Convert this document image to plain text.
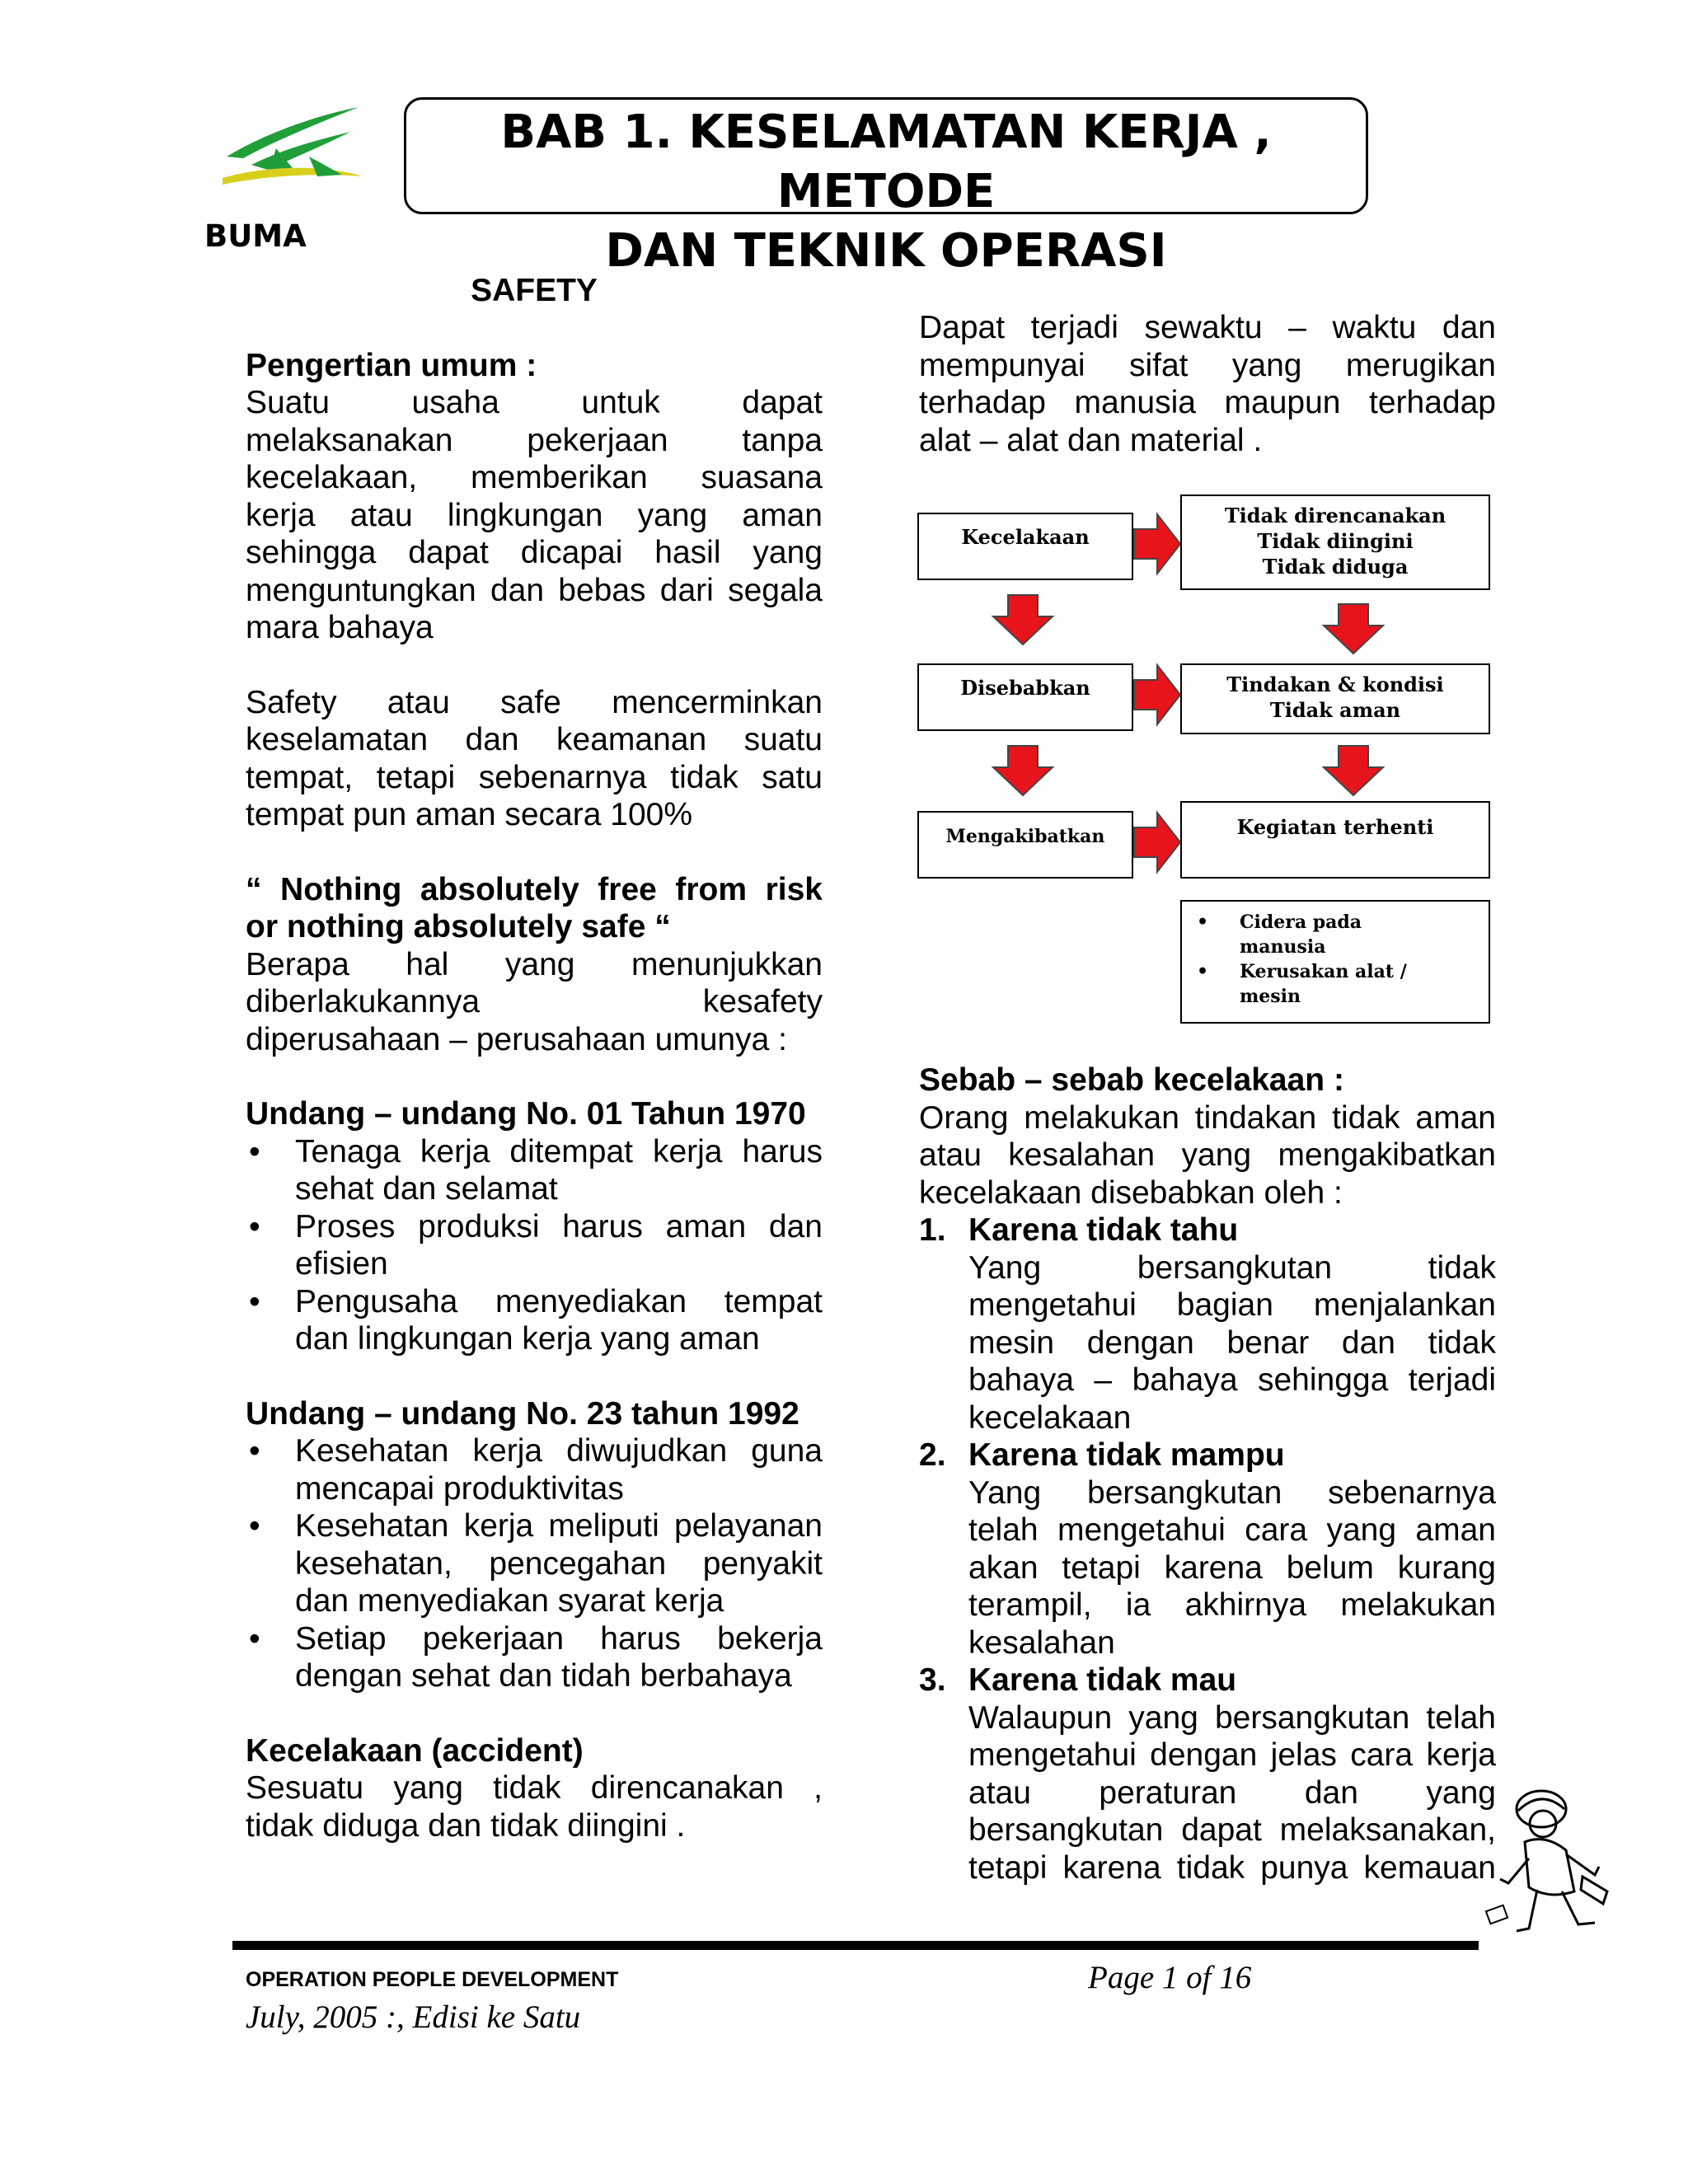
BUMA
BAB 1. KESELAMATAN KERJA , METODE
DAN TEKNIK OPERASI

SAFETY

Pengertian umum :

Suatu usaha untuk dapat

melaksanakan pekerjaan tanpa

kecelakaan, memberikan suasana

kerja atau lingkungan yang aman

sehingga dapat dicapai hasil yang

menguntungkan dan bebas dari segala

mara bahaya

Safety atau safe mencerminkan

keselamatan dan keamanan suatu

tempat, tetapi sebenarnya tidak satu

tempat pun aman secara 100%

“ Nothing absolutely free from risk

or nothing absolutely safe “

Berapa hal yang menunjukkan

diberlakukannya kesafety

diperusahaan – perusahaan umunya :

Undang – undang No. 01 Tahun 1970

• Tenaga kerja ditempat kerja harus

sehat dan selamat

• Proses produksi harus aman dan

efisien

• Pengusaha menyediakan tempat

dan lingkungan kerja yang aman

Undang – undang No. 23 tahun 1992

• Kesehatan kerja diwujudkan guna

mencapai produktivitas

• Kesehatan kerja meliputi pelayanan

kesehatan, pencegahan penyakit

dan menyediakan syarat kerja

• Setiap pekerjaan harus bekerja

dengan sehat dan tidah berbahaya

Kecelakaan (accident)

Sesuatu yang tidak direncanakan ,

tidak diduga dan tidak diingini .

Dapat terjadi sewaktu – waktu dan

mempunyai sifat yang merugikan

terhadap manusia maupun terhadap

alat – alat dan material .

Kecelakaan
Disebabkan
Mengakibatkan
Tidak direncanakan
Tidak diingini
Tidak diduga
Tindakan & kondisi
Tidak aman
Kegiatan terhenti
• Cidera pada
manusia
• Kerusakan alat /
mesin

Sebab – sebab kecelakaan :

Orang melakukan tindakan tidak aman

atau kesalahan yang mengakibatkan

kecelakaan disebabkan oleh :

1. Karena tidak tahu

Yang bersangkutan tidak

mengetahui bagian menjalankan

mesin dengan benar dan tidak

bahaya – bahaya sehingga terjadi

kecelakaan

2. Karena tidak mampu

Yang bersangkutan sebenarnya

telah mengetahui cara yang aman

akan tetapi karena belum kurang

terampil, ia akhirnya melakukan

kesalahan

3. Karena tidak mau

Walaupun yang bersangkutan telah

mengetahui dengan jelas cara kerja

atau peraturan dan yang

bersangkutan dapat melaksanakan,

tetapi karena tidak punya kemauan

OPERATION PEOPLE DEVELOPMENT	Page 1 of 16
July, 2005 :, Edisi ke Satu
